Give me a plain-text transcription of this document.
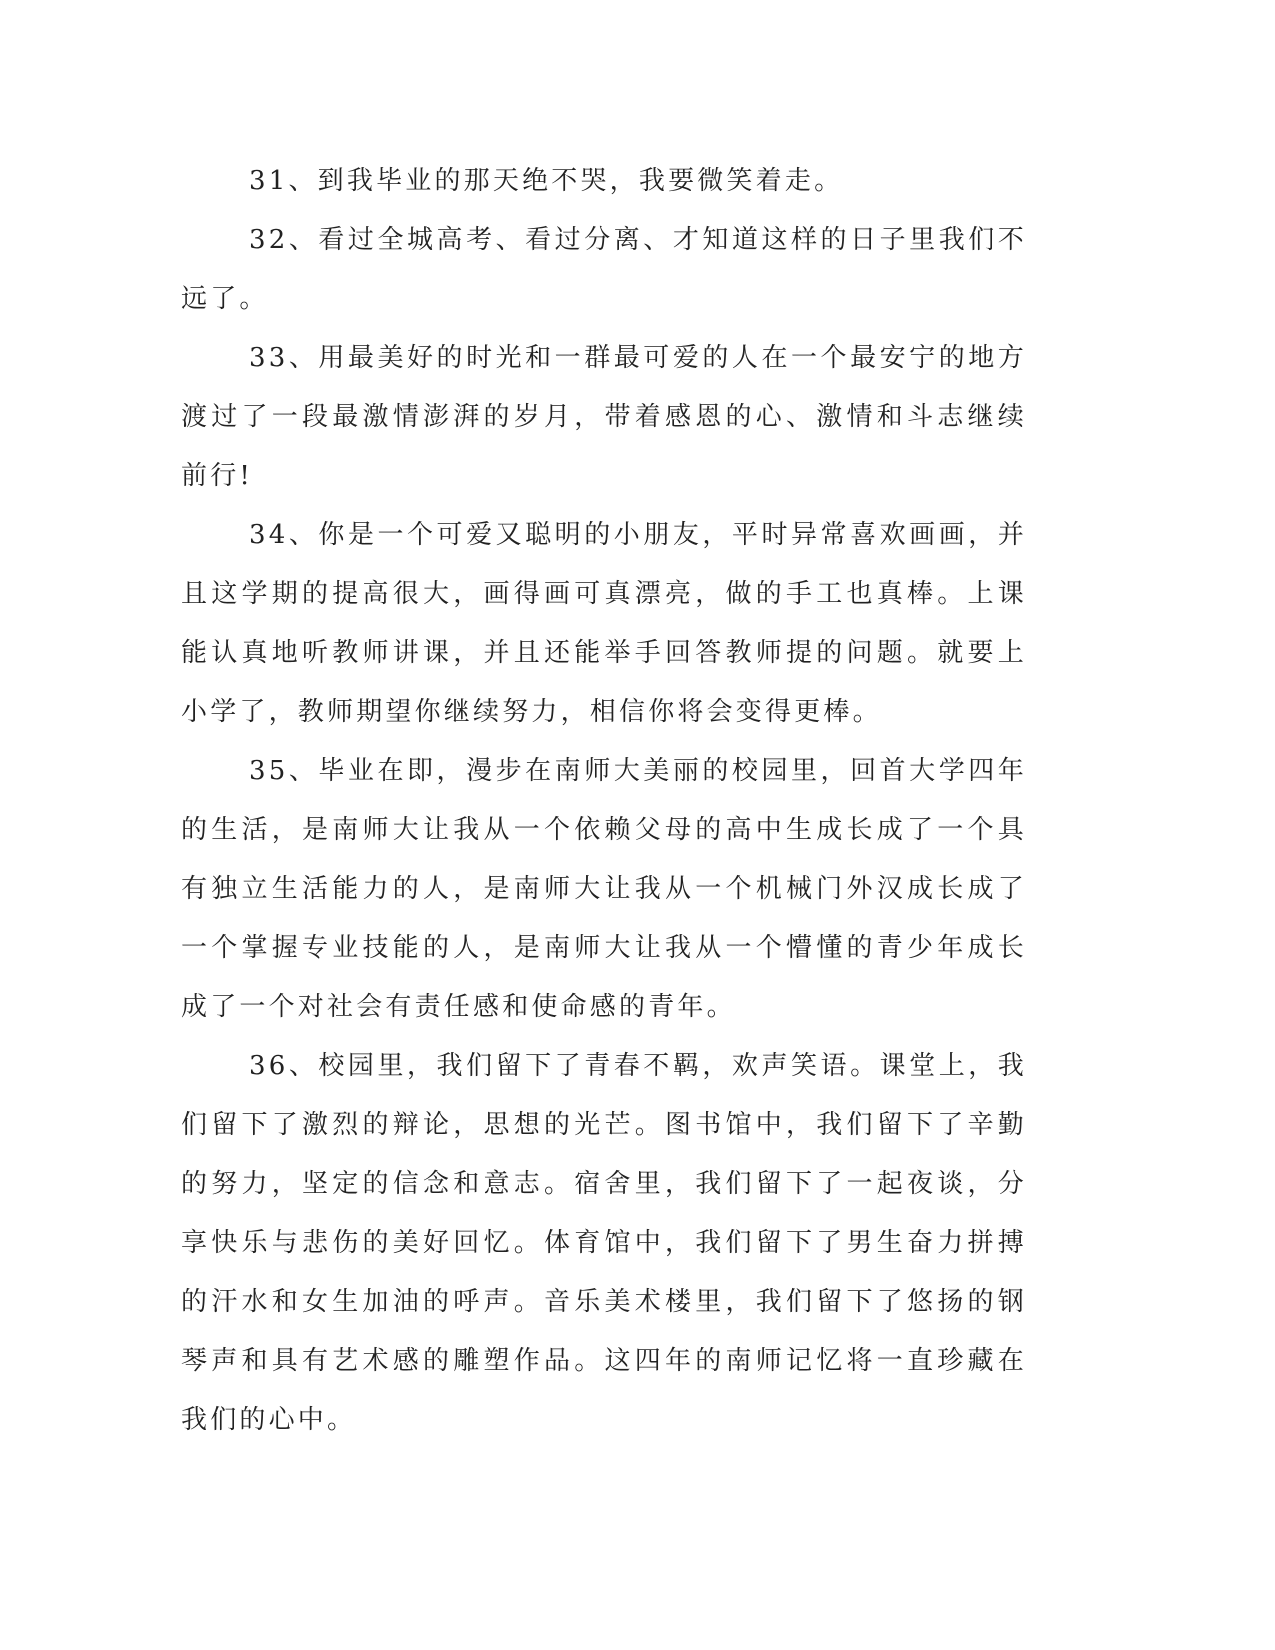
31、到我毕业的那天绝不哭，我要微笑着走。

32、看过全城高考、看过分离、才知道这样的日子里我们不远了。

33、用最美好的时光和一群最可爱的人在一个最安宁的地方渡过了一段最激情澎湃的岁月，带着感恩的心、激情和斗志继续前行!

34、你是一个可爱又聪明的小朋友，平时异常喜欢画画，并且这学期的提高很大，画得画可真漂亮，做的手工也真棒。上课能认真地听教师讲课，并且还能举手回答教师提的问题。就要上小学了，教师期望你继续努力，相信你将会变得更棒。

35、毕业在即，漫步在南师大美丽的校园里，回首大学四年的生活，是南师大让我从一个依赖父母的高中生成长成了一个具有独立生活能力的人，是南师大让我从一个机械门外汉成长成了一个掌握专业技能的人，是南师大让我从一个懵懂的青少年成长成了一个对社会有责任感和使命感的青年。

36、校园里，我们留下了青春不羁，欢声笑语。课堂上，我们留下了激烈的辩论，思想的光芒。图书馆中，我们留下了辛勤的努力，坚定的信念和意志。宿舍里，我们留下了一起夜谈，分享快乐与悲伤的美好回忆。体育馆中，我们留下了男生奋力拼搏的汗水和女生加油的呼声。音乐美术楼里，我们留下了悠扬的钢琴声和具有艺术感的雕塑作品。这四年的南师记忆将一直珍藏在我们的心中。
